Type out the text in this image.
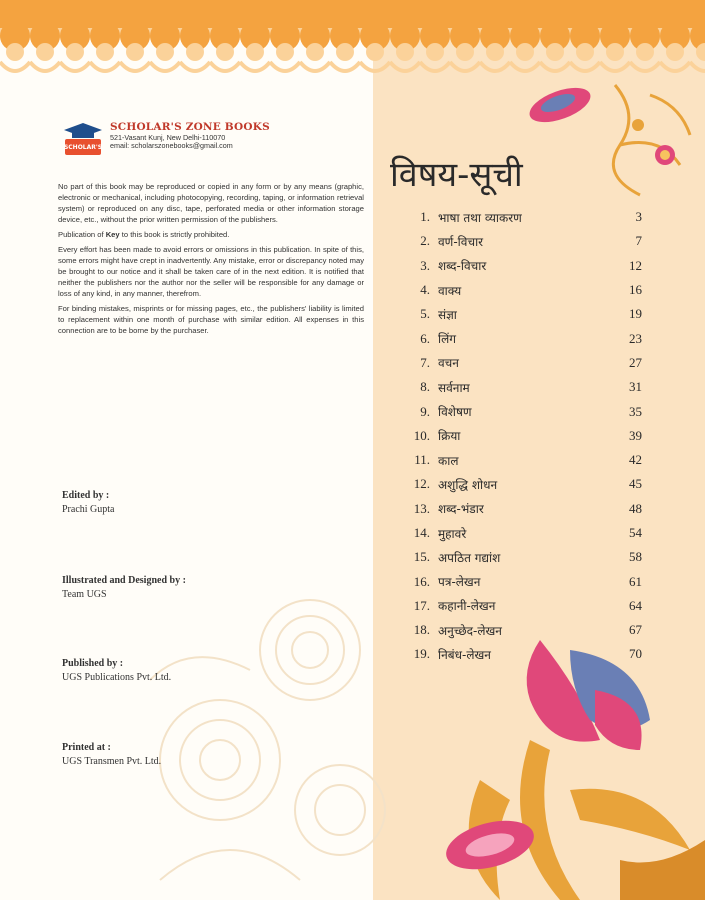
SCHOLAR'S
SCHOLAR'S ZONE BOOKS
521-Vasant Kunj, New Delhi-110070
email: scholarszonebooks@gmail.com

No part of this book may be reproduced or copied in any form or by any means (graphic, electronic or mechanical, including photocopying, recording, taping, or information retrieval system) or reproduced on any disc, tape, perforated media or other information storage device, etc., without the prior written permission of the publishers.

Publication of Key to this book is strictly prohibited.

Every effort has been made to avoid errors or omissions in this publication. In spite of this, some errors might have crept in inadvertently. Any mistake, error or discrepancy noted may be brought to our notice and it shall be taken care of in the next edition. It is notified that neither the publishers nor the author nor the seller will be responsible for any damage or loss of any kind, in any manner, therefrom.

For binding mistakes, misprints or for missing pages, etc., the publishers' liability is limited to replacement within one month of purchase with similar edition. All expenses in this connection are to be borne by the purchaser.

Edited by :
Prachi Gupta
Illustrated and Designed by :
Team UGS
Published by :
UGS Publications Pvt. Ltd.
Printed at :
UGS Transmen Pvt. Ltd.
विषय-सूची
1. भाषा तथा व्याकरण	3
2. वर्ण-विचार	7
3. शब्द-विचार	12
4. वाक्य	16
5. संज्ञा	19
6. लिंग	23
7. वचन	27
8. सर्वनाम	31
9. विशेषण	35
10. क्रिया	39
11. काल	42
12. अशुद्धि शोधन	45
13. शब्द-भंडार	48
14. मुहावरे	54
15. अपठित गद्यांश	58
16. पत्र-लेखन	61
17. कहानी-लेखन	64
18. अनुच्छेद-लेखन	67
19. निबंध-लेखन	70
